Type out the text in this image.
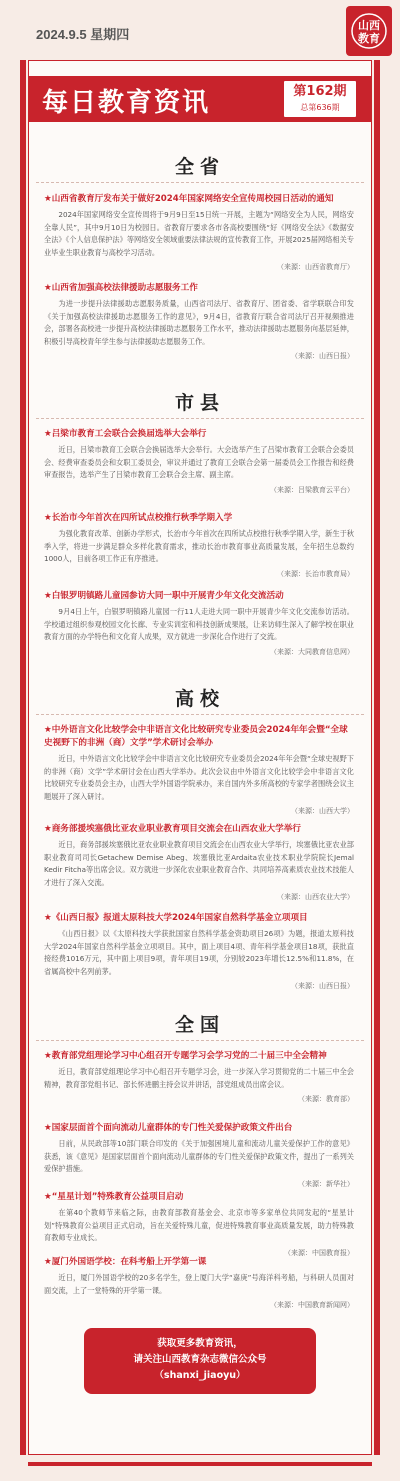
2024.9.5 星期四
山西
教育
每日教育资讯	第162期
总第636期
全省
★山西省教育厅发布关于做好2024年国家网络安全宣传周校园日活动的通知
2024年国家网络安全宣传周将于9月9日至15日统一开展，主题为“网络安全为人民，网络安全靠人民”，其中9月10日为校园日。省教育厅要求各市各高校要围绕“好《网络安全法》《数据安全法》《个人信息保护法》等网络安全领域重要法律法规的宣传教育工作，开展2025届网络相关专业毕业生职业教育与高校学习活动。
（来源：山西省教育厅）
★山西省加强高校法律援助志愿服务工作
为进一步提升法律援助志愿服务质量，山西省司法厅、省教育厅、团省委、省学联联合印发《关于加强高校法律援助志愿服务工作的意见》，9月4日，省教育厅联合省司法厅召开视频推进会，部署各高校进一步提升高校法律援助志愿服务工作水平，推动法律援助志愿服务向基层延伸，积极引导高校青年学生参与法律援助志愿服务工作。
（来源：山西日报）
市县
★吕梁市教育工会联合会换届选举大会举行
近日，吕梁市教育工会联合会换届选举大会举行。大会选举产生了吕梁市教育工会联合会委员会、经费审查委员会和女职工委员会，审议并通过了教育工会联合会第一届委员会工作报告和经费审查报告，选举产生了吕梁市教育工会联合会主席、副主席。
（来源：吕梁教育云平台）
★长治市今年首次在四所试点校推行秋季学期入学
为强化教育改革、创新办学形式，长治市今年首次在四所试点校推行秋季学期入学，新生于秋季入学，将进一步满足群众多样化教育需求，推动长治市教育事业高质量发展，全年招生总数约1000人，目前各项工作正有序推进。
（来源：长治市教育局）
★白银罗明镇路儿童园参访大同一职中开展青少年文化交流活动
9月4日上午，白银罗明镇路儿童园一行11人走进大同一职中开展青少年文化交流参访活动。学校通过组织参观校园文化长廊、专业实训室和科技创新成果展，让来访师生深入了解学校在职业教育方面的办学特色和文化育人成果，双方就进一步深化合作进行了交流。
（来源：大同教育信息网）
高校
★中外语言文化比较学会中非语言文化比较研究专业委员会2024年年会暨“全球史视野下的非洲（商）文学”学术研讨会举办
近日，中外语言文化比较学会中非语言文化比较研究专业委员会2024年年会暨“全球史视野下的非洲（商）文学”学术研讨会在山西大学举办。此次会议由中外语言文化比较学会中非语言文化比较研究专业委员会主办，山西大学外国语学院承办，来自国内外多所高校的专家学者围绕会议主题展开了深入研讨。
（来源：山西大学）
★商务部援埃塞俄比亚农业职业教育项目交流会在山西农业大学举行
近日，商务部援埃塞俄比亚农业职业教育项目交流会在山西农业大学举行，埃塞俄比亚农业部职业教育司司长Getachew Demise Abeg、埃塞俄比亚Ardaita农业技术职业学院院长Jemal Kedir Fitcha等出席会议。双方就进一步深化农业职业教育合作、共同培养高素质农业技术技能人才进行了深入交流。
（来源：山西农业大学）
★《山西日报》报道太原科技大学2024年国家自然科学基金立项项目
《山西日报》以《太原科技大学获批国家自然科学基金资助项目26项》为题，报道太原科技大学2024年国家自然科学基金立项项目。其中，面上项目4项、青年科学基金项目18项，获批直接经费1016万元，其中面上项目9项，青年项目19项，分别较2023年增长12.5%和11.8%，在省属高校中名列前茅。
（来源：山西日报）
全国
★教育部党组理论学习中心组召开专题学习会学习党的二十届三中全会精神
近日，教育部党组理论学习中心组召开专题学习会，进一步深入学习贯彻党的二十届三中全会精神，教育部党组书记、部长怀进鹏主持会议并讲话，部党组成员出席会议。
（来源：教育部）
★国家层面首个面向流动儿童群体的专门性关爱保护政策文件出台
日前，从民政部等10部门联合印发的《关于加强困境儿童和流动儿童关爱保护工作的意见》获悉，该《意见》是国家层面首个面向流动儿童群体的专门性关爱保护政策文件，提出了一系列关爱保护措施。
（来源：新华社）
★“星星计划”特殊教育公益项目启动
在第40个教师节来临之际，由教育部教育基金会、北京市等多家单位共同发起的“星星计划”特殊教育公益项目正式启动，旨在关爱特殊儿童，促进特殊教育事业高质量发展，助力特殊教育教师专业成长。
（来源：中国教育报）
★厦门外国语学校：在科考船上开学第一课
近日，厦门外国语学校的20多名学生，登上厦门大学“嘉庚”号海洋科考船，与科研人员面对面交流，上了一堂特殊的开学第一课。
（来源：中国教育新闻网）
获取更多教育资讯，
请关注山西教育杂志微信公众号
（shanxi_jiaoyu）
